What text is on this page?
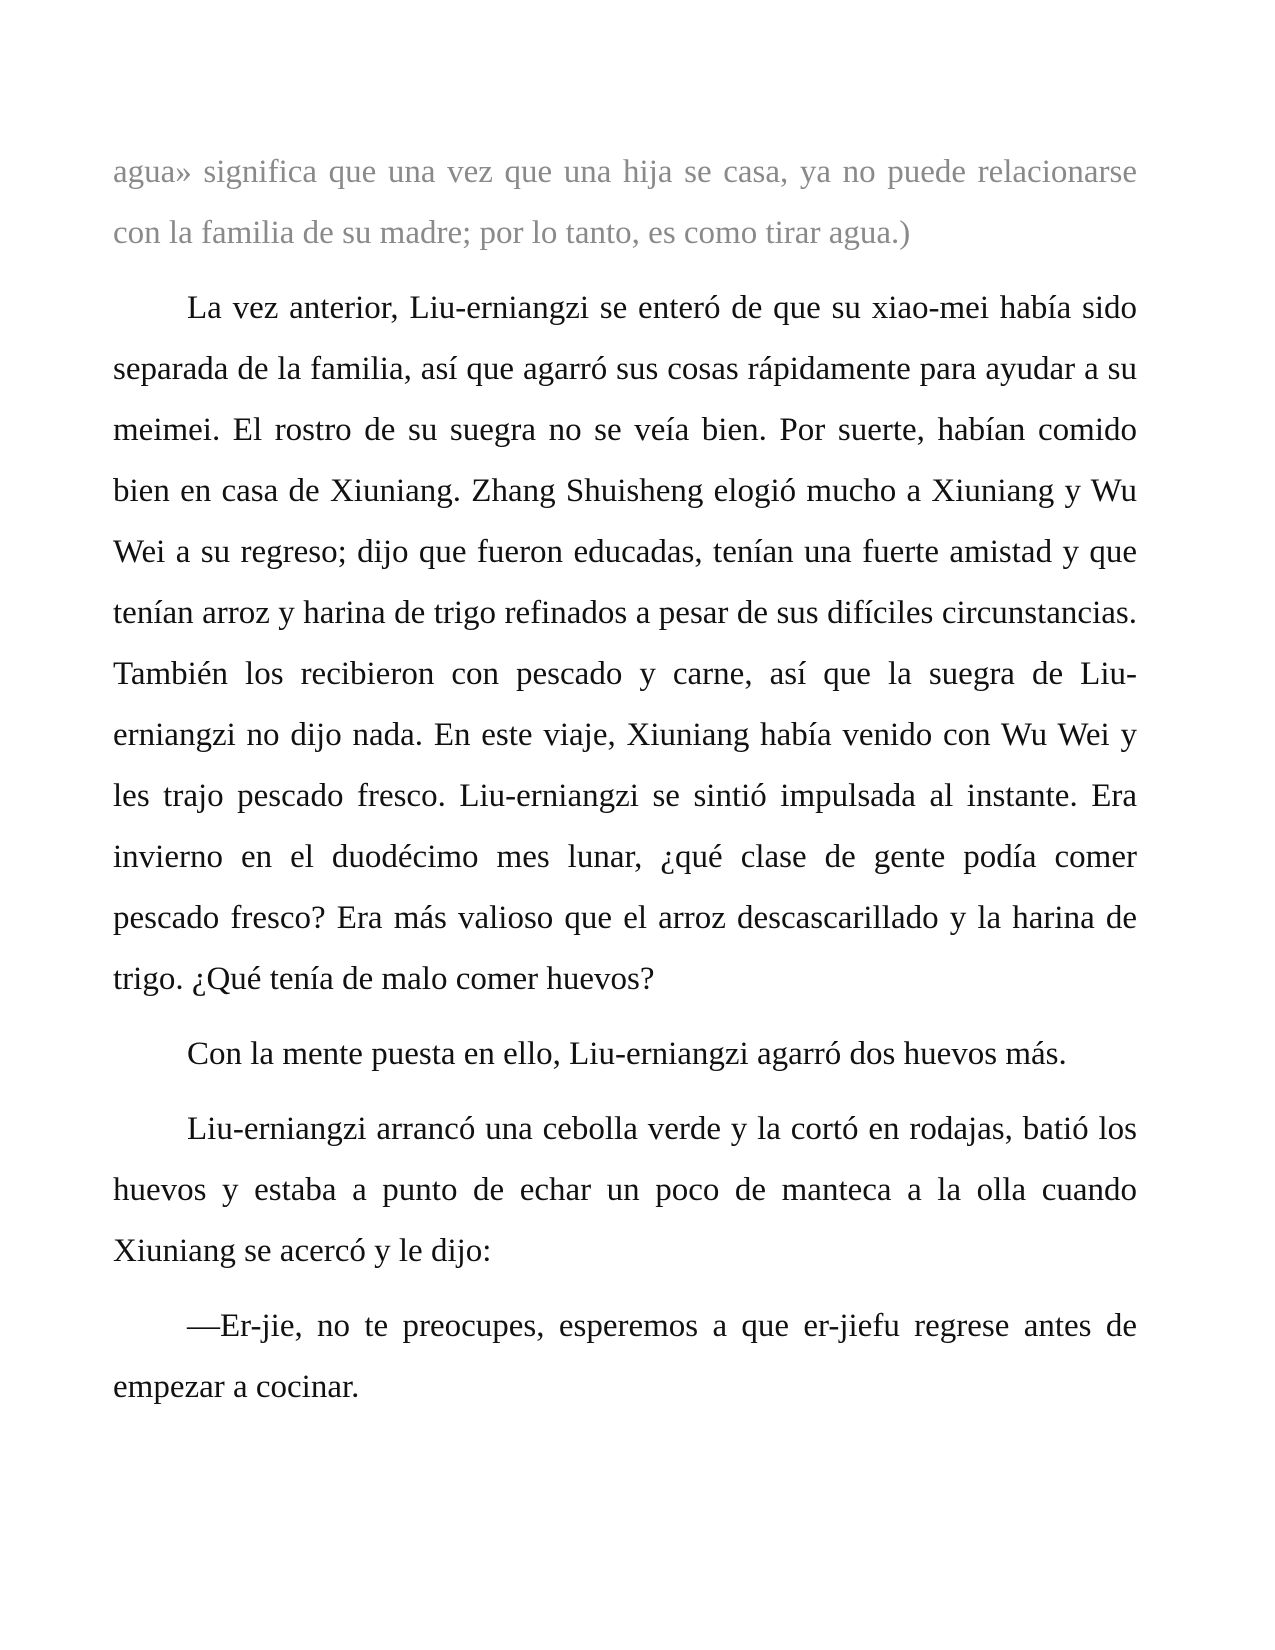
agua» significa que una vez que una hija se casa, ya no puede relacionarse con la familia de su madre; por lo tanto, es como tirar agua.)

La vez anterior, Liu-erniangzi se enteró de que su xiao-mei había sido separada de la familia, así que agarró sus cosas rápidamente para ayudar a su meimei. El rostro de su suegra no se veía bien. Por suerte, habían comido bien en casa de Xiuniang. Zhang Shuisheng elogió mucho a Xiuniang y Wu Wei a su regreso; dijo que fueron educadas, tenían una fuerte amistad y que tenían arroz y harina de trigo refinados a pesar de sus difíciles circunstancias. También los recibieron con pescado y carne, así que la suegra de Liu-erniangzi no dijo nada. En este viaje, Xiuniang había venido con Wu Wei y les trajo pescado fresco. Liu-erniangzi se sintió impulsada al instante. Era invierno en el duodécimo mes lunar, ¿qué clase de gente podía comer pescado fresco? Era más valioso que el arroz descascarillado y la harina de trigo. ¿Qué tenía de malo comer huevos?

Con la mente puesta en ello, Liu-erniangzi agarró dos huevos más.

Liu-erniangzi arrancó una cebolla verde y la cortó en rodajas, batió los huevos y estaba a punto de echar un poco de manteca a la olla cuando Xiuniang se acercó y le dijo:

—Er-jie, no te preocupes, esperemos a que er-jiefu regrese antes de empezar a cocinar.
